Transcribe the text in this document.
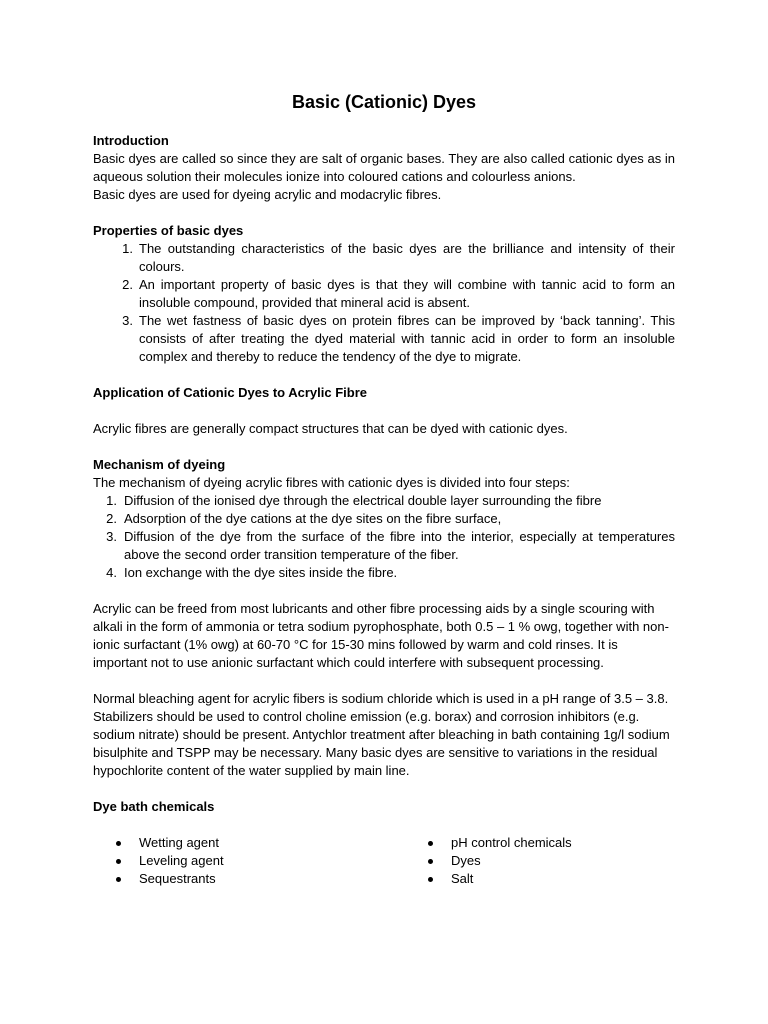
Basic (Cationic) Dyes

Introduction

Basic dyes are called so since they are salt of organic bases. They are also called cationic dyes as in aqueous solution their molecules ionize into coloured cations and colourless anions.

Basic dyes are used for dyeing acrylic and modacrylic fibres.

Properties of basic dyes

1. The outstanding characteristics of the basic dyes are the brilliance and intensity of their colours.
2. An important property of basic dyes is that they will combine with tannic acid to form an insoluble compound, provided that mineral acid is absent.
3. The wet fastness of basic dyes on protein fibres can be improved by ‘back tanning’. This consists of after treating the dyed material with tannic acid in order to form an insoluble complex and thereby to reduce the tendency of the dye to migrate.

Application of Cationic Dyes to Acrylic Fibre

Acrylic fibres are generally compact structures that can be dyed with cationic dyes.

Mechanism of dyeing

The mechanism of dyeing acrylic fibres with cationic dyes is divided into four steps:

1. Diffusion of the ionised dye through the electrical double layer surrounding the fibre
2. Adsorption of the dye cations at the dye sites on the fibre surface,
3. Diffusion of the dye from the surface of the fibre into the interior, especially at temperatures above the second order transition temperature of the fiber.
4. Ion exchange with the dye sites inside the fibre.

Acrylic can be freed from most lubricants and other fibre processing aids by a single scouring with alkali in the form of ammonia or tetra sodium pyrophosphate, both 0.5 – 1 % owg, together with non-ionic surfactant (1% owg) at 60-70 °C for 15-30 mins followed by warm and cold rinses. It is important not to use anionic surfactant which could interfere with subsequent processing.

Normal bleaching agent for acrylic fibers is sodium chloride which is used in a pH range of 3.5 – 3.8. Stabilizers should be used to control choline emission (e.g. borax) and corrosion inhibitors (e.g. sodium nitrate) should be present. Antychlor treatment after bleaching in bath containing 1g/l sodium bisulphite and TSPP may be necessary. Many basic dyes are sensitive to variations in the residual hypochlorite content of the water supplied by main line.

Dye bath chemicals

Wetting agent
Leveling agent
Sequestrants
pH control chemicals
Dyes
Salt
